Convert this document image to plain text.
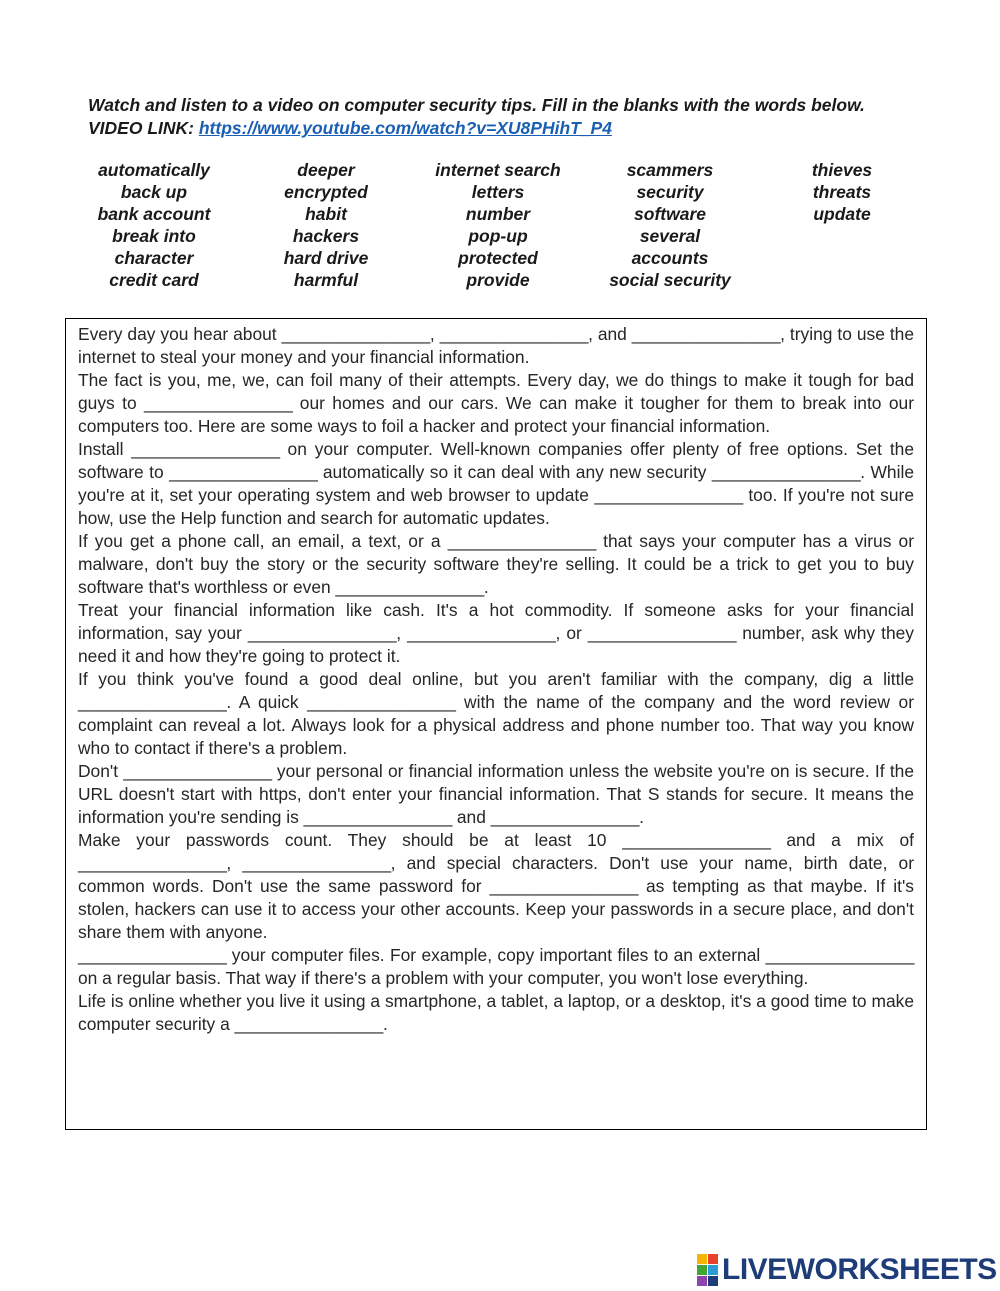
Watch and listen to a video on computer security tips. Fill in the blanks with the words below.
VIDEO LINK: https://www.youtube.com/watch?v=XU8PHihT_P4
automatically
back up
bank account
break into
character
credit card
deeper
encrypted
habit
hackers
hard drive
harmful
internet search
letters
number
pop-up
protected
provide
scammers
security
software
several
accounts
social security
thieves
threats
update

Every day you hear about ________________, ________________, and ________________, trying to use the internet to steal your money and your financial information.

The fact is you, me, we, can foil many of their attempts. Every day, we do things to make it tough for bad guys to ________________ our homes and our cars. We can make it tougher for them to break into our computers too. Here are some ways to foil a hacker and protect your financial information.

Install ________________ on your computer. Well-known companies offer plenty of free options. Set the software to ________________ automatically so it can deal with any new security ________________. While you're at it, set your operating system and web browser to update ________________ too. If you're not sure how, use the Help function and search for automatic updates.

If you get a phone call, an email, a text, or a ________________ that says your computer has a virus or malware, don't buy the story or the security software they're selling. It could be a trick to get you to buy software that's worthless or even ________________.

Treat your financial information like cash. It's a hot commodity. If someone asks for your financial information, say your ________________, ________________, or ________________ number, ask why they need it and how they're going to protect it.

If you think you've found a good deal online, but you aren't familiar with the company, dig a little ________________. A quick ________________ with the name of the company and the word review or complaint can reveal a lot. Always look for a physical address and phone number too. That way you know who to contact if there's a problem.

Don't ________________ your personal or financial information unless the website you're on is secure. If the URL doesn't start with https, don't enter your financial information. That S stands for secure. It means the information you're sending is ________________ and ________________.

Make your passwords count. They should be at least 10 ________________ and a mix of ________________, ________________, and special characters. Don't use your name, birth date, or common words. Don't use the same password for ________________ as tempting as that maybe. If it's stolen, hackers can use it to access your other accounts. Keep your passwords in a secure place, and don't share them with anyone.

________________ your computer files. For example, copy important files to an external ________________ on a regular basis. That way if there's a problem with your computer, you won't lose everything.

Life is online whether you live it using a smartphone, a tablet, a laptop, or a desktop, it's a good time to make computer security a ________________.

LIVEWORKSHEETS
